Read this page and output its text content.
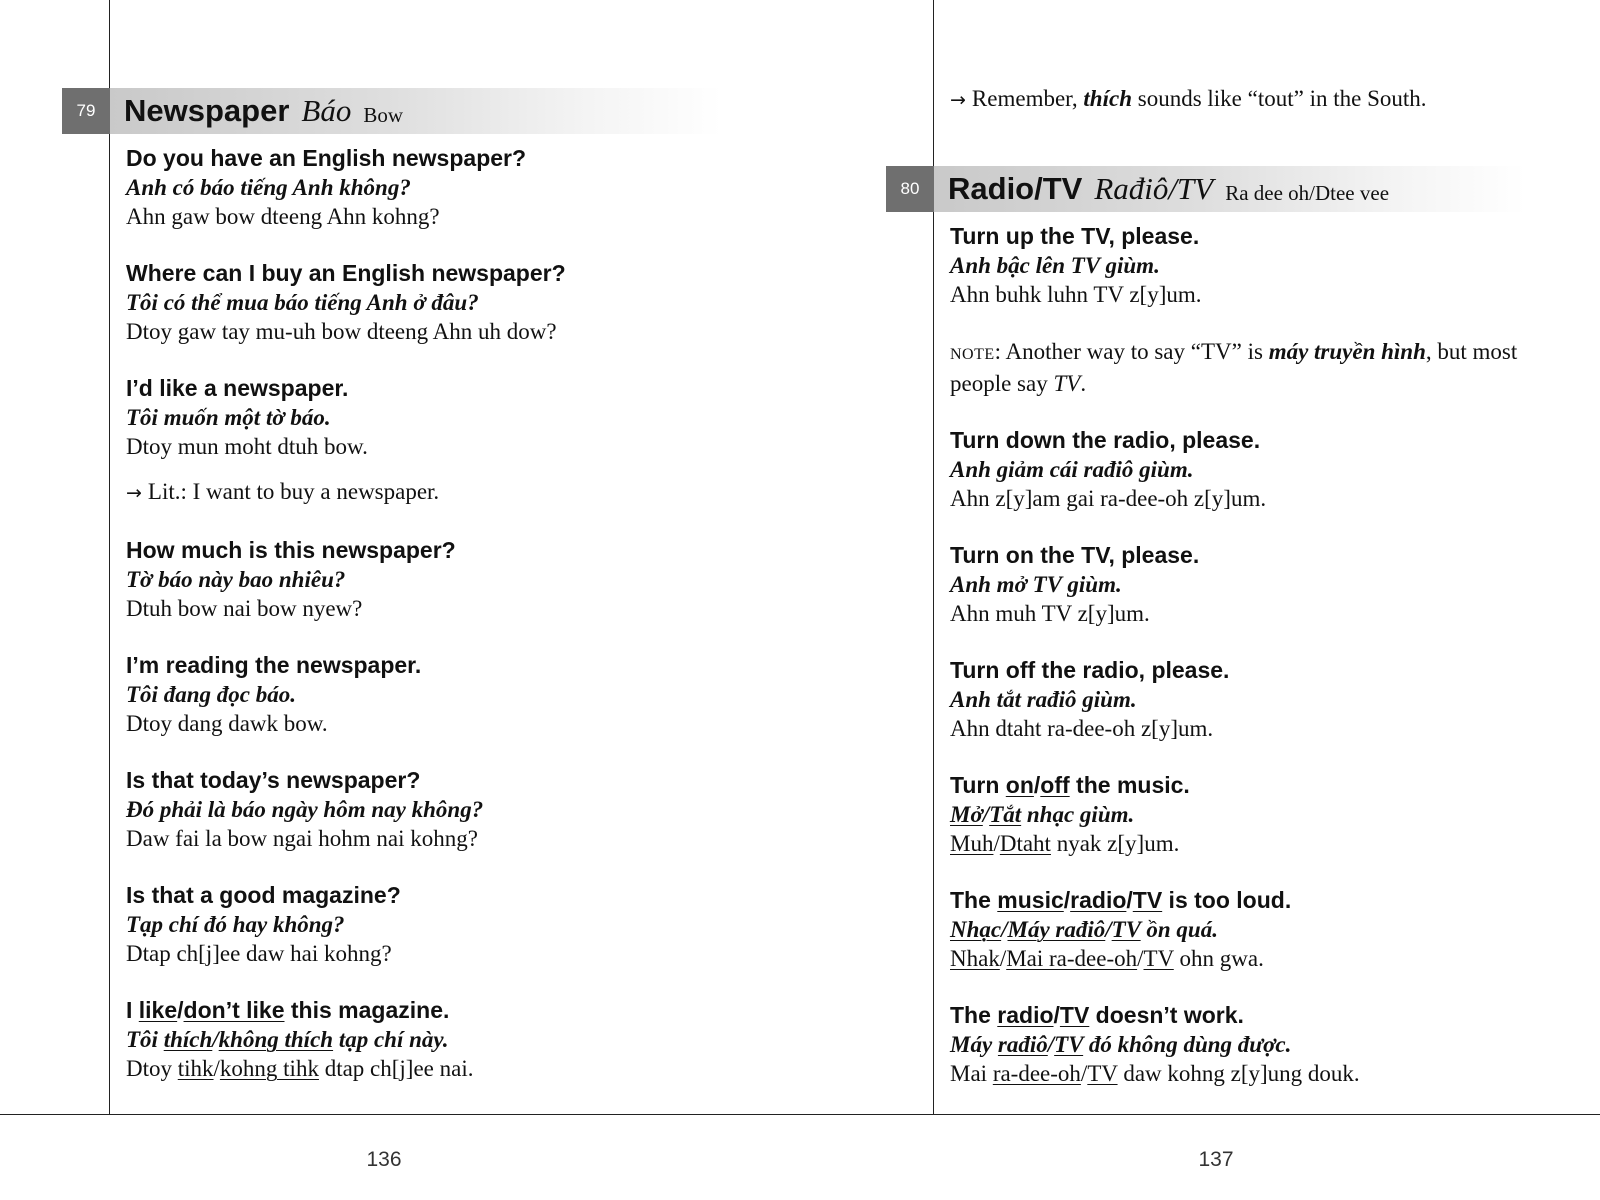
79 Newspaper Báo Bow
Do you have an English newspaper?
Anh có báo tiếng Anh không?
Ahn gaw bow dteeng Ahn kohng?
Where can I buy an English newspaper?
Tôi có thể mua báo tiếng Anh ở đâu?
Dtoy gaw tay mu-uh bow dteeng Ahn uh dow?
I’d like a newspaper.
Tôi muốn một tờ báo.
Dtoy mun moht dtuh bow.
→ Lit.: I want to buy a newspaper.
How much is this newspaper?
Tờ báo này bao nhiêu?
Dtuh bow nai bow nyew?
I’m reading the newspaper.
Tôi đang đọc báo.
Dtoy dang dawk bow.
Is that today’s newspaper?
Đó phải là báo ngày hôm nay không?
Daw fai la bow ngai hohm nai kohng?
Is that a good magazine?
Tạp chí đó hay không?
Dtap ch[j]ee daw hai kohng?
I like/don’t like this magazine.
Tôi thích/không thích tạp chí này.
Dtoy tihk/kohng tihk dtap ch[j]ee nai.
→ Remember, thích sounds like “tout” in the South.
80 Radio/TV Rađiô/TV Ra dee oh/Dtee vee
Turn up the TV, please.
Anh bậc lên TV giùm.
Ahn buhk luhn TV z[y]um.
NOTE: Another way to say “TV” is máy truyền hình, but most people say TV.
Turn down the radio, please.
Anh giảm cái rađiô giùm.
Ahn z[y]am gai ra-dee-oh z[y]um.
Turn on the TV, please.
Anh mở TV giùm.
Ahn muh TV z[y]um.
Turn off the radio, please.
Anh tắt rađiô giùm.
Ahn dtaht ra-dee-oh z[y]um.
Turn on/off the music.
Mở/Tắt nhạc giùm.
Muh/Dtaht nyak z[y]um.
The music/radio/TV is too loud.
Nhạc/Máy rađiô/TV ồn quá.
Nhak/Mai ra-dee-oh/TV ohn gwa.
The radio/TV doesn’t work.
Máy rađiô/TV đó không dùng được.
Mai ra-dee-oh/TV daw kohng z[y]ung douk.
136	137
